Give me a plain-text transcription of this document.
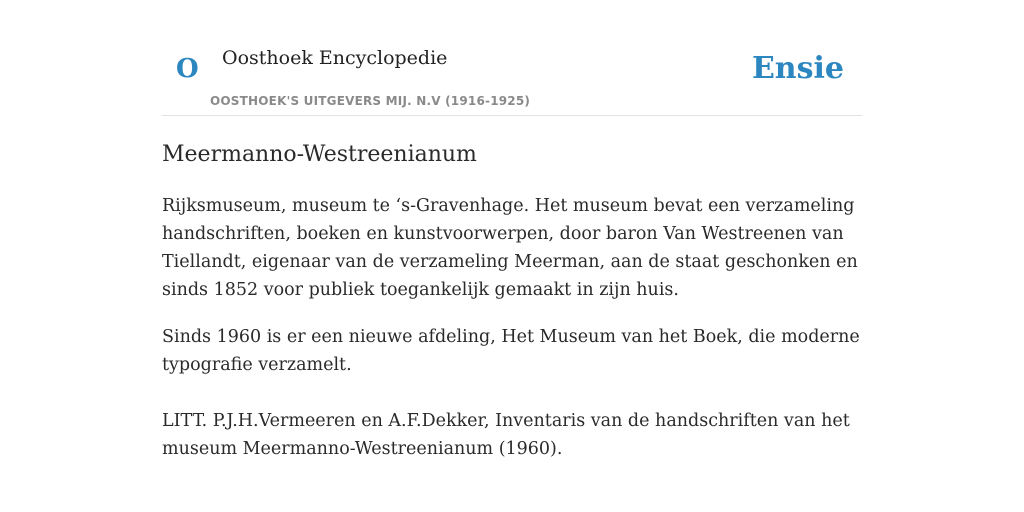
O Oosthoek Encyclopedie
OOSTHOEK'S UITGEVERS MIJ. N.V (1916-1925)
Ensie
Meermanno-Westreenianum

Rijksmuseum, museum te ‘s-Gravenhage. Het museum bevat een verzameling handschriften, boeken en kunstvoorwerpen, door baron Van Westreenen van Tiellandt, eigenaar van de verzameling Meerman, aan de staat geschonken en sinds 1852 voor publiek toegankelijk gemaakt in zijn huis.

Sinds 1960 is er een nieuwe afdeling, Het Museum van het Boek, die moderne typografie verzamelt.

LITT. P.J.H.Vermeeren en A.F.Dekker, Inventaris van de handschriften van het museum Meermanno-Westreenianum (1960).
